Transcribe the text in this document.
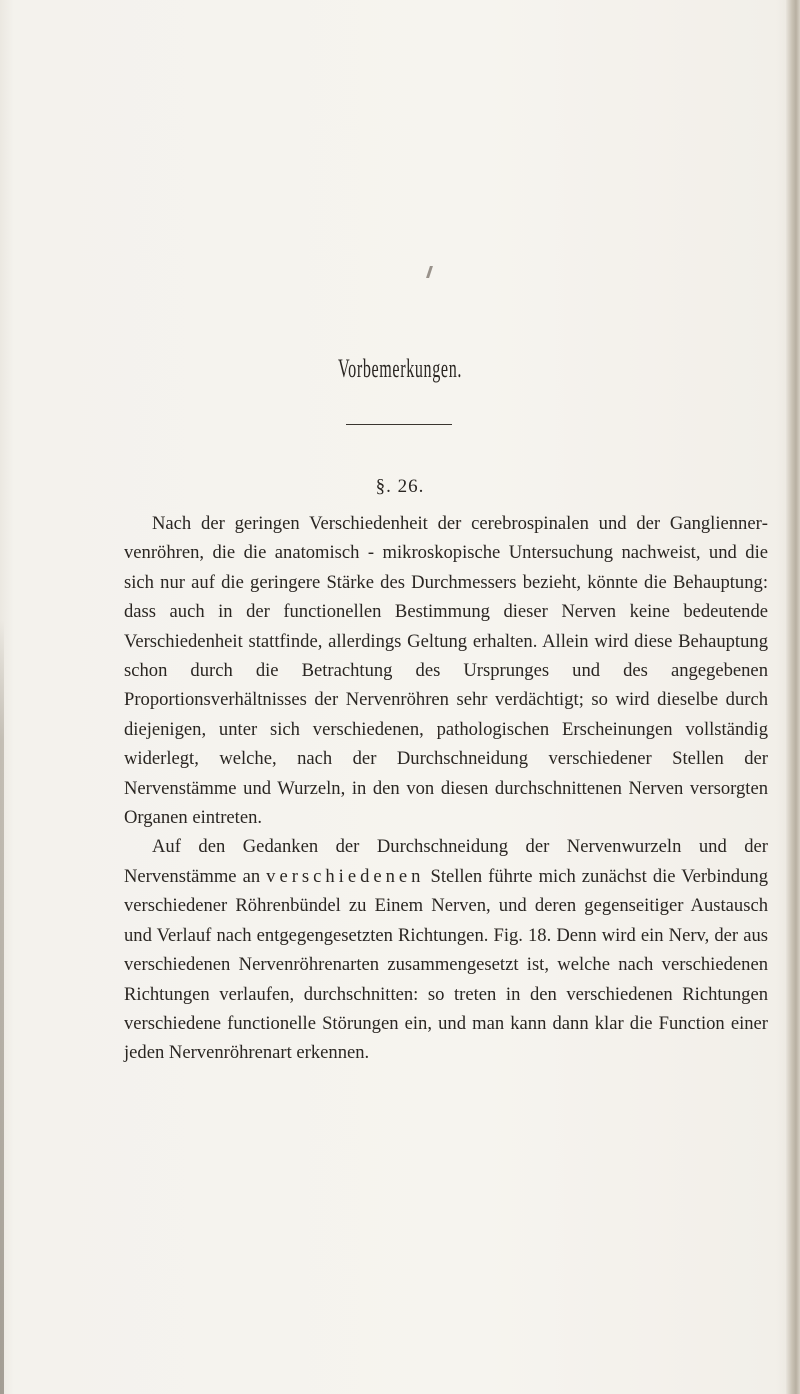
Vorbemerkungen.
§. 26.

Nach der geringen Verschiedenheit der cerebrospinalen und der Gangliennervenröhren, die die anatomisch - mikroskopische Untersuchung nachweist, und die sich nur auf die geringere Stärke des Durchmessers bezieht, könnte die Behauptung: dass auch in der functionellen Bestimmung dieser Nerven keine bedeutende Verschiedenheit stattfinde, allerdings Geltung erhalten. Allein wird diese Behauptung schon durch die Betrachtung des Ursprunges und des angegebenen Proportionsverhältnisses der Nervenröhren sehr verdächtigt; so wird dieselbe durch diejenigen, unter sich verschiedenen, pathologischen Erscheinungen vollständig widerlegt, welche, nach der Durchschneidung verschiedener Stellen der Nervenstämme und Wurzeln, in den von diesen durchschnittenen Nerven versorgten Organen eintreten.

Auf den Gedanken der Durchschneidung der Nervenwurzeln und der Nervenstämme an verschiedenen Stellen führte mich zunächst die Verbindung verschiedener Röhrenbündel zu Einem Nerven, und deren gegenseitiger Austausch und Verlauf nach entgegengesetzten Richtungen. Fig. 18. Denn wird ein Nerv, der aus verschiedenen Nervenröhrenarten zusammengesetzt ist, welche nach verschiedenen Richtungen verlaufen, durchschnitten: so treten in den verschiedenen Richtungen verschiedene functionelle Störungen ein, und man kann dann klar die Function einer jeden Nervenröhrenart erkennen.
